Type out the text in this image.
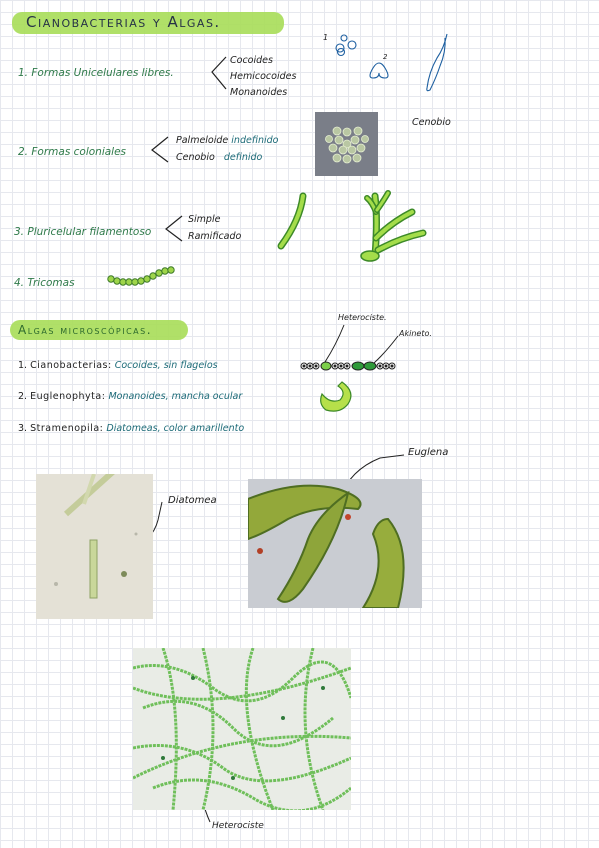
Cianobacterias y Algas.
1. Formas Unicelulares libres.
Cocoides
Hemicocoides
Monanoides
2. Formas coloniales
Palmeloide indefinido
Cenobio definido
3. Pluricelular filamentoso
Simple
Ramificado
4. Tricomas
Cenobio
1
2
Algas microscópicas.
1. Cianobacterias: Cocoides, sin flagelos
2. Euglenophyta: Monanoides, mancha ocular
3. Stramenopila: Diatomeas, color amarillento
Heterociste.
Akineto.
Diatomea
Euglena
Heterociste
